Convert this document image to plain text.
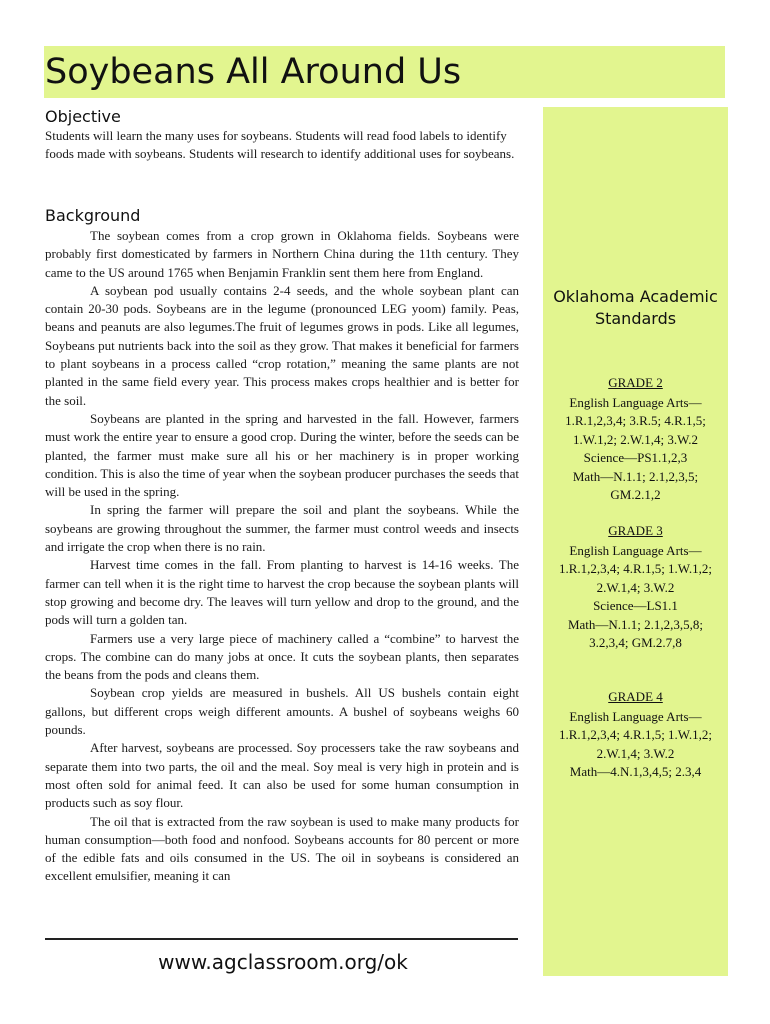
Soybeans All Around Us
Objective

Students will learn the many uses for soybeans. Students will read food labels to identify foods made with soybeans. Students will research to identify additional uses for soybeans.

Background

The soybean comes from a crop grown in Oklahoma fields. Soybeans were probably first domesticated by farmers in Northern China during the 11th century. They came to the US around 1765 when Benjamin Franklin sent them here from England.

A soybean pod usually contains 2-4 seeds, and the whole soybean plant can contain 20-30 pods. Soybeans are in the legume (pronounced LEG yoom) family. Peas, beans and peanuts are also legumes.The fruit of legumes grows in pods. Like all legumes, Soybeans put nutrients back into the soil as they grow. That makes it beneficial for farmers to plant soybeans in a process called “crop rotation,” meaning the same plants are not planted in the same field every year. This process makes crops healthier and is better for the soil.

Soybeans are planted in the spring and harvested in the fall. However, farmers must work the entire year to ensure a good crop. During the winter, before the seeds can be planted, the farmer must make sure all his or her machinery is in proper working condition. This is also the time of year when the soybean producer purchases the seeds that will be used in the spring.

In spring the farmer will prepare the soil and plant the soybeans. While the soybeans are growing throughout the summer, the farmer must control weeds and insects and irrigate the crop when there is no rain.

Harvest time comes in the fall. From planting to harvest is 14-16 weeks. The farmer can tell when it is the right time to harvest the crop because the soybean plants will stop growing and become dry. The leaves will turn yellow and drop to the ground, and the pods will turn a golden tan.

Farmers use a very large piece of machinery called a “combine” to harvest the crops. The combine can do many jobs at once. It cuts the soybean plants, then separates the beans from the pods and cleans them.

Soybean crop yields are measured in bushels. All US bushels contain eight gallons, but different crops weigh different amounts. A bushel of soybeans weighs 60 pounds.

After harvest, soybeans are processed. Soy processers take the raw soybeans and separate them into two parts, the oil and the meal. Soy meal is very high in protein and is most often sold for animal feed. It can also be used for some human consumption in products such as soy flour.

The oil that is extracted from the raw soybean is used to make many products for human consumption—both food and nonfood. Soybeans accounts for 80 percent or more of the edible fats and oils consumed in the US. The oil in soybeans is considered an excellent emulsifier, meaning it can

www.agclassroom.org/ok
Oklahoma Academic Standards
GRADE 2
English Language Arts—
1.R.1,2,3,4; 3.R.5; 4.R.1,5;
1.W.1,2; 2.W.1,4; 3.W.2
Science—PS1.1,2,3
Math—N.1.1; 2.1,2,3,5;
GM.2.1,2
GRADE 3
English Language Arts—
1.R.1,2,3,4; 4.R.1,5; 1.W.1,2;
2.W.1,4; 3.W.2
Science—LS1.1
Math—N.1.1; 2.1,2,3,5,8;
3.2,3,4; GM.2.7,8
GRADE 4
English Language Arts—
1.R.1,2,3,4; 4.R.1,5; 1.W.1,2;
2.W.1,4; 3.W.2
Math—4.N.1,3,4,5; 2.3,4
